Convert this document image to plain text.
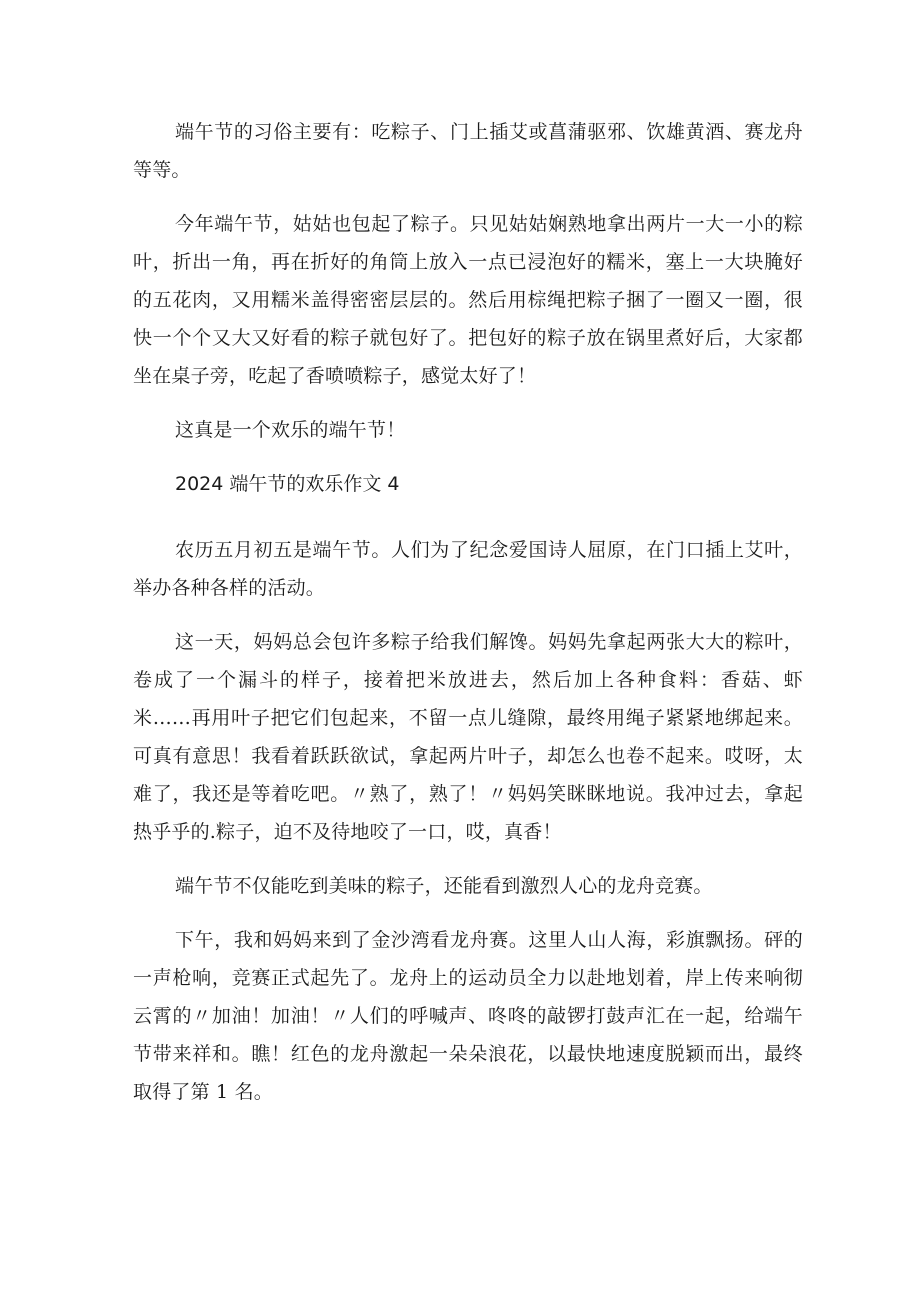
端午节的习俗主要有：吃粽子、门上插艾或菖蒲驱邪、饮雄黄酒、赛龙舟等等。

今年端午节，姑姑也包起了粽子。只见姑姑娴熟地拿出两片一大一小的粽叶，折出一角，再在折好的角筒上放入一点已浸泡好的糯米，塞上一大块腌好的五花肉，又用糯米盖得密密层层的。然后用棕绳把粽子捆了一圈又一圈，很快一个个又大又好看的粽子就包好了。把包好的粽子放在锅里煮好后，大家都坐在桌子旁，吃起了香喷喷粽子，感觉太好了！

这真是一个欢乐的端午节！

2024 端午节的欢乐作文 4

农历五月初五是端午节。人们为了纪念爱国诗人屈原，在门口插上艾叶，举办各种各样的活动。

这一天，妈妈总会包许多粽子给我们解馋。妈妈先拿起两张大大的粽叶，卷成了一个漏斗的样子，接着把米放进去，然后加上各种食料：香菇、虾米……再用叶子把它们包起来，不留一点儿缝隙，最终用绳子紧紧地绑起来。可真有意思！我看着跃跃欲试，拿起两片叶子，却怎么也卷不起来。哎呀，太难了，我还是等着吃吧。〃熟了，熟了！〃妈妈笑眯眯地说。我冲过去，拿起热乎乎的.粽子，迫不及待地咬了一口，哎，真香！

端午节不仅能吃到美味的粽子，还能看到激烈人心的龙舟竞赛。

下午，我和妈妈来到了金沙湾看龙舟赛。这里人山人海，彩旗飘扬。砰的一声枪响，竞赛正式起先了。龙舟上的运动员全力以赴地划着，岸上传来响彻云霄的〃加油！加油！〃人们的呼喊声、咚咚的敲锣打鼓声汇在一起，给端午节带来祥和。瞧！红色的龙舟激起一朵朵浪花，以最快地速度脱颖而出，最终取得了第 1 名。
